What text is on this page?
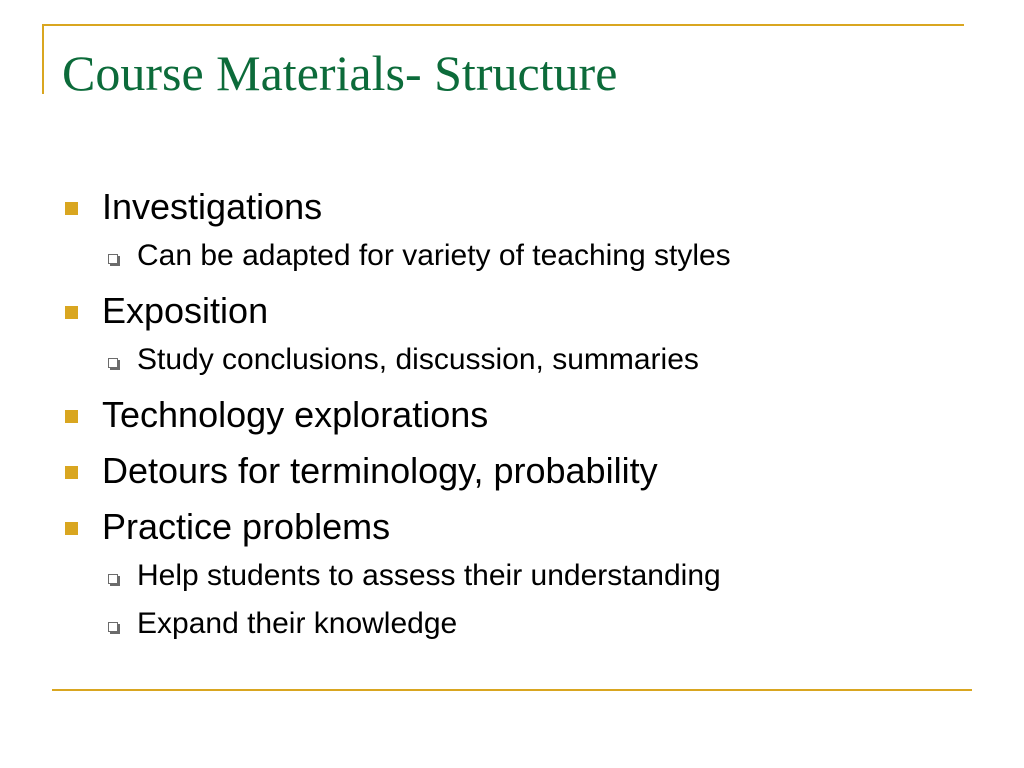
Course Materials- Structure
Investigations
Can be adapted for variety of teaching styles
Exposition
Study conclusions, discussion, summaries
Technology explorations
Detours for terminology, probability
Practice problems
Help students to assess their understanding
Expand their knowledge
